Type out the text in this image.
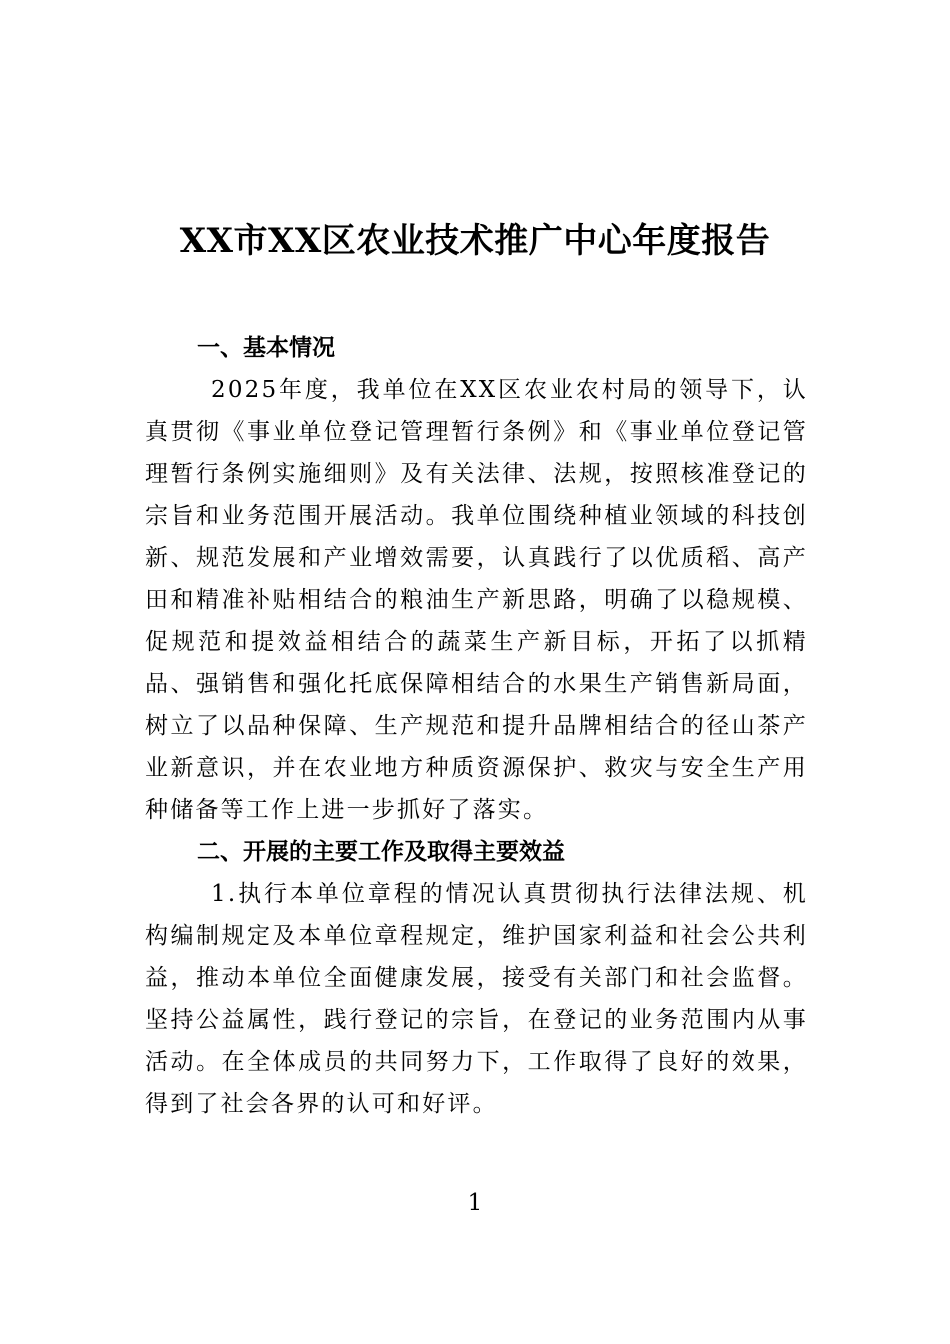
XX市XX区农业技术推广中心年度报告

一、基本情况

2025年度，我单位在XX区农业农村局的领导下，认真贯彻《事业单位登记管理暂行条例》和《事业单位登记管理暂行条例实施细则》及有关法律、法规，按照核准登记的宗旨和业务范围开展活动。我单位围绕种植业领域的科技创新、规范发展和产业增效需要，认真践行了以优质稻、高产田和精准补贴相结合的粮油生产新思路，明确了以稳规模、促规范和提效益相结合的蔬菜生产新目标，开拓了以抓精品、强销售和强化托底保障相结合的水果生产销售新局面，树立了以品种保障、生产规范和提升品牌相结合的径山茶产业新意识，并在农业地方种质资源保护、救灾与安全生产用种储备等工作上进一步抓好了落实。

二、开展的主要工作及取得主要效益

1.执行本单位章程的情况认真贯彻执行法律法规、机构编制规定及本单位章程规定，维护国家利益和社会公共利益，推动本单位全面健康发展，接受有关部门和社会监督。坚持公益属性，践行登记的宗旨，在登记的业务范围内从事活动。在全体成员的共同努力下，工作取得了良好的效果，得到了社会各界的认可和好评。

1
